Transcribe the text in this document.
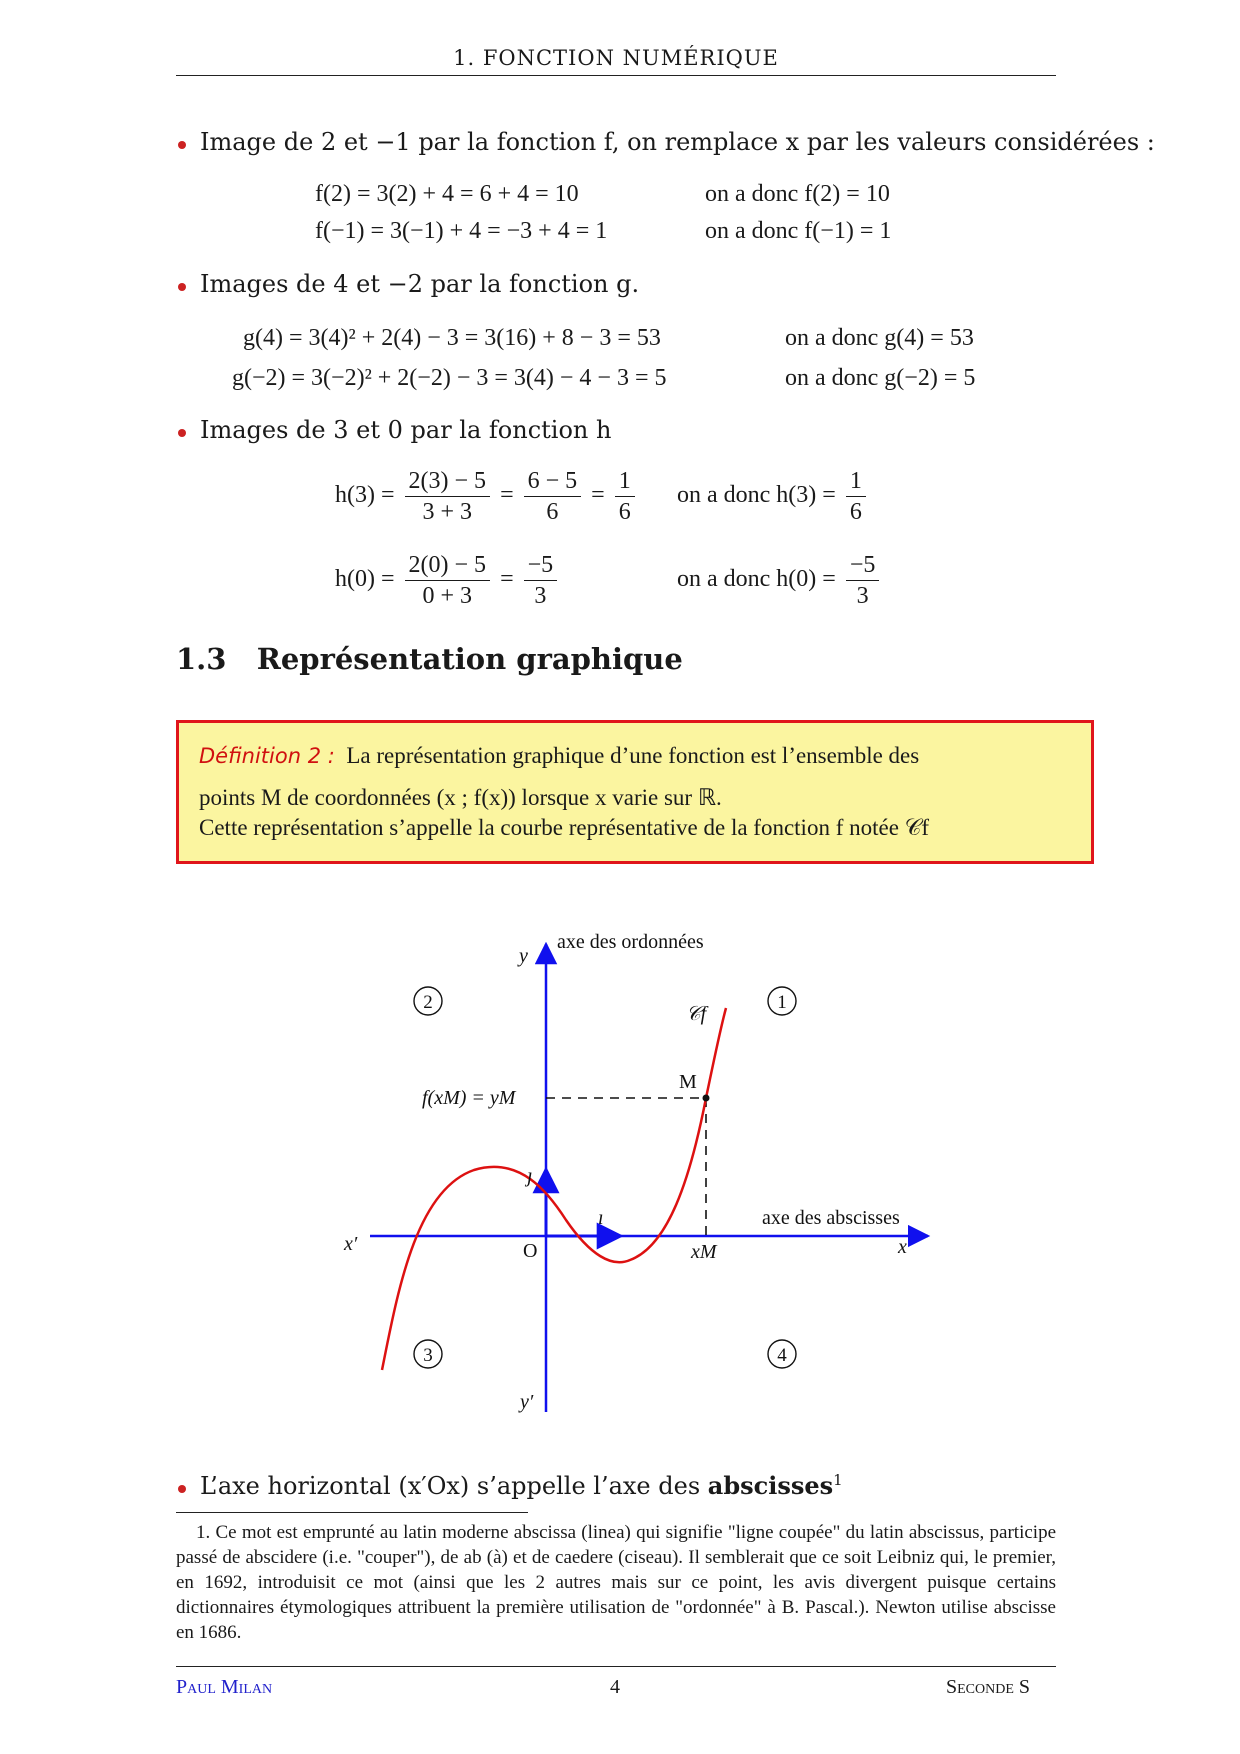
1. FONCTION NUMÉRIQUE
Image de 2 et −1 par la fonction f, on remplace x par les valeurs considérées :
f(2) = 3(2) + 4 = 6 + 4 = 10	on a donc f(2) = 10
f(−1) = 3(−1) + 4 = −3 + 4 = 1	on a donc f(−1) = 1
Images de 4 et −2 par la fonction g.
g(4) = 3(4)² + 2(4) − 3 = 3(16) + 8 − 3 = 53	on a donc g(4) = 53
g(−2) = 3(−2)² + 2(−2) − 3 = 3(4) − 4 − 3 = 5	on a donc g(−2) = 5
Images de 3 et 0 par la fonction h
$h(3) = \frac{2(3) - 5}{3 + 3} = \frac{6 - 5}{6} = \frac{1}{6}$ on a donc $h(3) = \frac{1}{6}$
$h(0) = \frac{2(0) - 5}{0 + 3} = \frac{-5}{3}$	on a donc $h(0) = \frac{-5}{3}$
1.3 Représentation graphique
Définition 2 : La représentation graphique d’une fonction est l’ensemble des
points M de coordonnées (x ; f(x)) lorsque x varie sur ℝ.
Cette représentation s’appelle la courbe représentative de la fonction f notée 𝒞f
2	1
3	4
y
axe des ordonnées
x
axe des abscisses
x′
y′
O
ı⃗
ȷ⃗
𝒞f
M
f(xM) = yM
xM
L’axe horizontal (x′Ox) s’appelle l’axe des abscisses$^1$
1. Ce mot est emprunté au latin moderne abscissa (linea) qui signifie "ligne coupée" du latin abscissus, participe passé de abscidere (i.e. "couper"), de ab (à) et de caedere (ciseau). Il semblerait que ce soit Leibniz qui, le premier, en 1692, introduisit ce mot (ainsi que les 2 autres mais sur ce point, les avis divergent puisque certains dictionnaires étymologiques attribuent la première utilisation de "ordonnée" à B. Pascal.). Newton utilise abscisse en 1686.
Paul Milan	4	Seconde S
